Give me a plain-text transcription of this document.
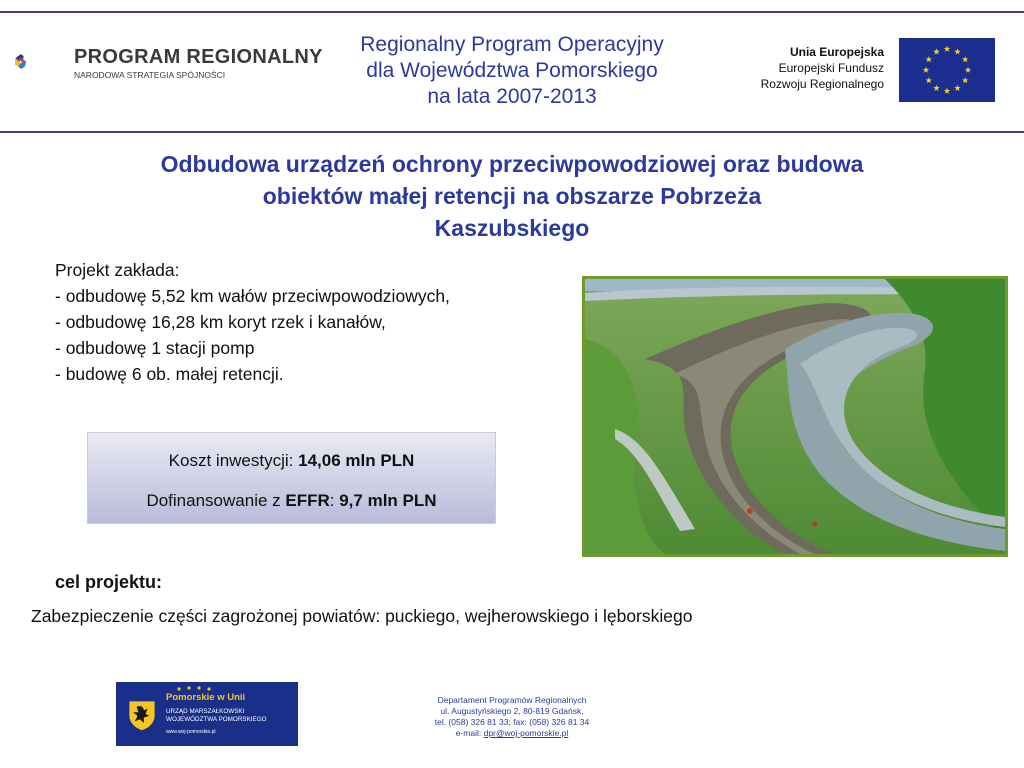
PROGRAM REGIONALNY
NARODOWA STRATEGIA SPÓJNOŚCI
Regionalny Program Operacyjny
dla Województwa Pomorskiego
na lata 2007-2013
Unia Europejska
Europejski Fundusz
Rozwoju Regionalnego
Odbudowa urządzeń ochrony przeciwpowodziowej oraz budowa
obiektów małej retencji na obszarze Pobrzeża
Kaszubskiego
Projekt zakłada:
- odbudowę 5,52 km wałów przeciwpowodziowych,
- odbudowę 16,28 km koryt rzek i kanałów,
- odbudowę 1 stacji pomp
- budowę 6 ob. małej retencji.
Koszt inwestycji: 14,06 mln PLN
Dofinansowanie z EFFR: 9,7 mln PLN
cel projektu:
Zabezpieczenie części zagrożonej powiatów: puckiego, wejherowskiego i lęborskiego
Pomorskie w Unii
URZĄD MARSZAŁKOWSKI
WOJEWÓDZTWA POMORSKIEGO
www.woj-pomorskie.pl
Departament Programów Regionalnych
ul. Augustyńskiego 2, 80-819 Gdańsk,
tel. (058) 326 81 33; fax: (058) 326 81 34
e-mail: dpr@woj-pomorskie.pl
